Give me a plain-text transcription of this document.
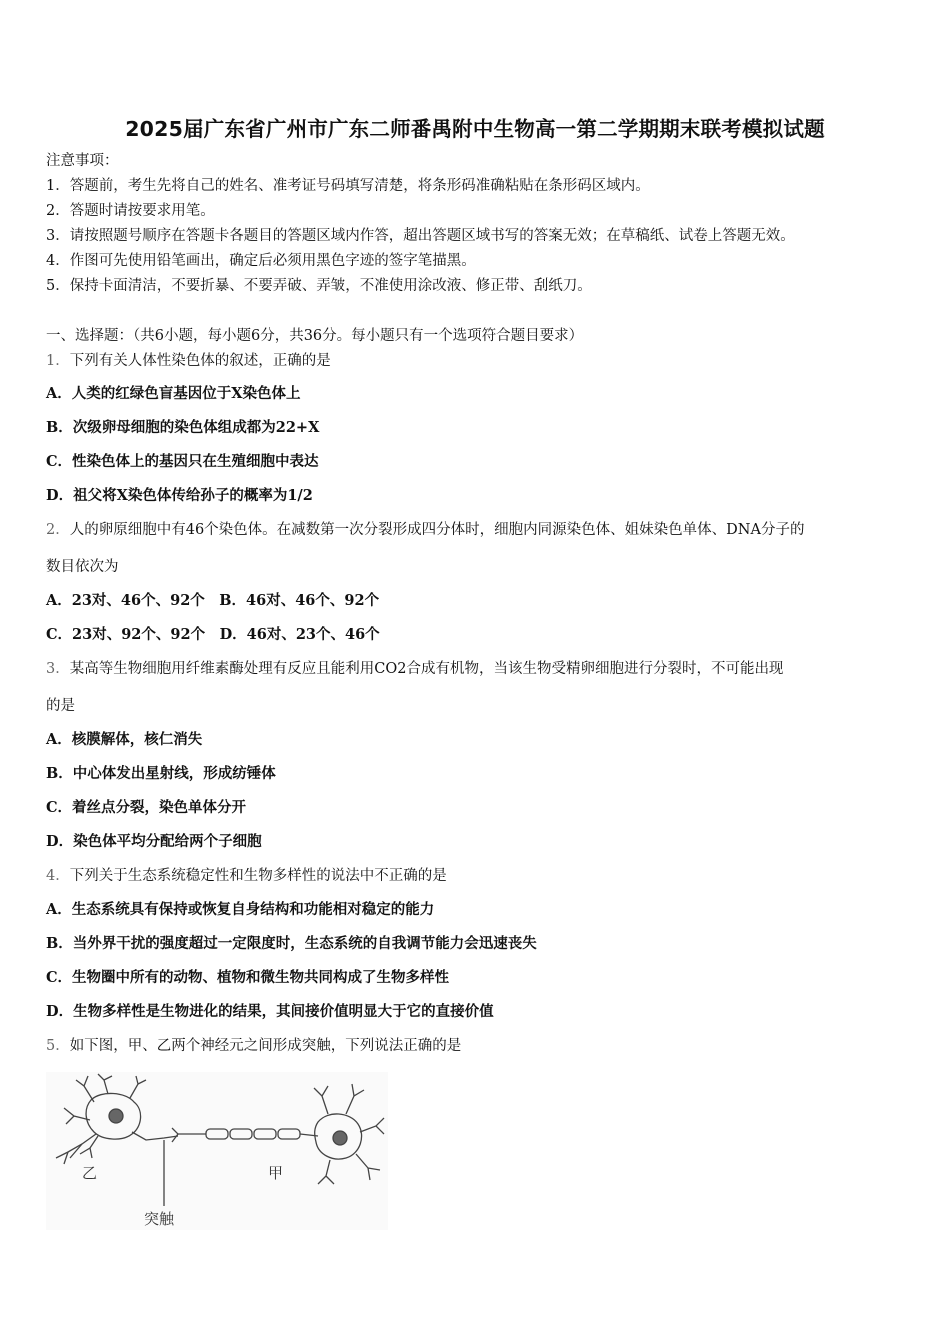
2025届广东省广州市广东二师番禺附中生物高一第二学期期末联考模拟试题
注意事项：
1．答题前，考生先将自己的姓名、准考证号码填写清楚，将条形码准确粘贴在条形码区域内。
2．答题时请按要求用笔。
3．请按照题号顺序在答题卡各题目的答题区域内作答，超出答题区域书写的答案无效；在草稿纸、试卷上答题无效。
4．作图可先使用铅笔画出，确定后必须用黑色字迹的签字笔描黑。
5．保持卡面清洁，不要折暴、不要弄破、弄皱，不准使用涂改液、修正带、刮纸刀。
一、选择题：（共6小题，每小题6分，共36分。每小题只有一个选项符合题目要求）
1．下列有关人体性染色体的叙述，正确的是
A．人类的红绿色盲基因位于X染色体上
B．次级卵母细胞的染色体组成都为22+X
C．性染色体上的基因只在生殖细胞中表达
D．祖父将X染色体传给孙子的概率为1/2
2．人的卵原细胞中有46个染色体。在减数第一次分裂形成四分体时，细胞内同源染色体、姐妹染色单体、DNA分子的
数目依次为
A．23对、46个、92个　B．46对、46个、92个
C．23对、92个、92个　D．46对、23个、46个
3．某高等生物细胞用纤维素酶处理有反应且能利用CO2合成有机物，当该生物受精卵细胞进行分裂时，不可能出现
的是
A．核膜解体，核仁消失
B．中心体发出星射线，形成纺锤体
C．着丝点分裂，染色单体分开
D．染色体平均分配给两个子细胞
4．下列关于生态系统稳定性和生物多样性的说法中不正确的是
A．生态系统具有保持或恢复自身结构和功能相对稳定的能力
B．当外界干扰的强度超过一定限度时，生态系统的自我调节能力会迅速丧失
C．生物圈中所有的动物、植物和微生物共同构成了生物多样性
D．生物多样性是生物进化的结果，其间接价值明显大于它的直接价值
5．如下图，甲、乙两个神经元之间形成突触，下列说法正确的是
乙	甲
突触
